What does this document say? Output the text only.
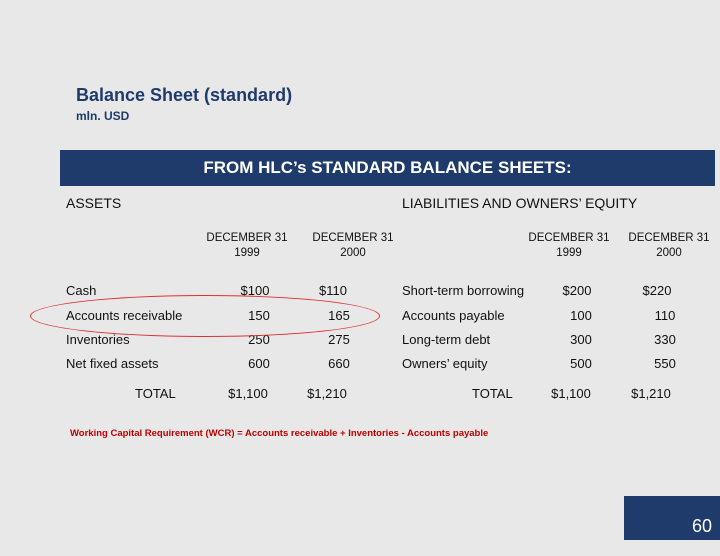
Balance Sheet (standard)
mln. USD
FROM HLC’s STANDARD BALANCE SHEETS:
ASSETS	LIABILITIES AND OWNERS’ EQUITY
DECEMBER 31
1999
DECEMBER 31
2000
DECEMBER 31
1999
DECEMBER 31
2000
Cash	$100	$110
Accounts receivable	150	165
Inventories	250	275
Net fixed assets	600	660
TOTAL	$1,100	$1,210
Short-term borrowing	$200	$220
Accounts payable	100	110
Long-term debt	300	330
Owners’ equity	500	550
TOTAL	$1,100	$1,210
Working Capital Requirement (WCR) = Accounts receivable + Inventories - Accounts payable
60
